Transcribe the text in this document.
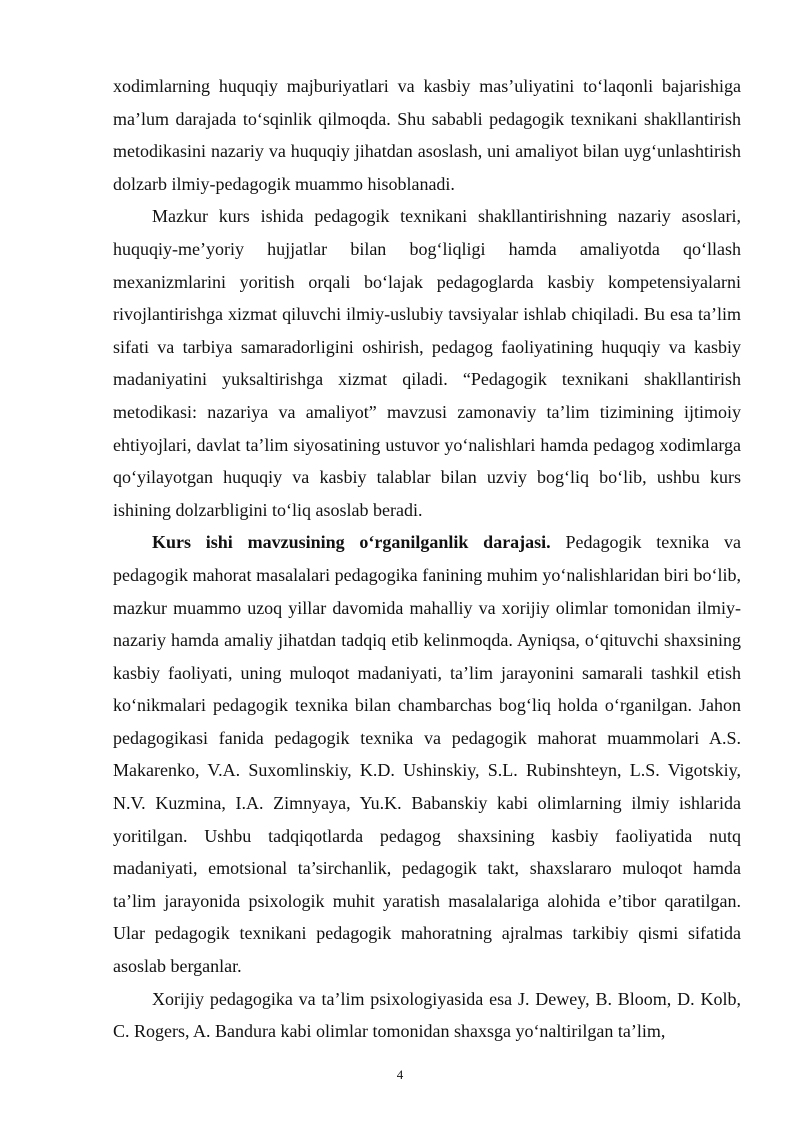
xodimlarning huquqiy majburiyatlari va kasbiy mas’uliyatini to‘laqonli bajarishiga ma’lum darajada to‘sqinlik qilmoqda. Shu sababli pedagogik texnikani shakllantirish metodikasini nazariy va huquqiy jihatdan asoslash, uni amaliyot bilan uyg‘unlashtirish dolzarb ilmiy-pedagogik muammo hisoblanadi.

Mazkur kurs ishida pedagogik texnikani shakllantirishning nazariy asoslari, huquqiy-me’yoriy hujjatlar bilan bog‘liqligi hamda amaliyotda qo‘llash mexanizmlarini yoritish orqali bo‘lajak pedagoglarda kasbiy kompetensiyalarni rivojlantirishga xizmat qiluvchi ilmiy-uslubiy tavsiyalar ishlab chiqiladi. Bu esa ta’lim sifati va tarbiya samaradorligini oshirish, pedagog faoliyatining huquqiy va kasbiy madaniyatini yuksaltirishga xizmat qiladi. “Pedagogik texnikani shakllantirish metodikasi: nazariya va amaliyot” mavzusi zamonaviy ta’lim tizimining ijtimoiy ehtiyojlari, davlat ta’lim siyosatining ustuvor yo‘nalishlari hamda pedagog xodimlarga qo‘yilayotgan huquqiy va kasbiy talablar bilan uzviy bog‘liq bo‘lib, ushbu kurs ishining dolzarbligini to‘liq asoslab beradi.

Kurs ishi mavzusining o‘rganilganlik darajasi. Pedagogik texnika va pedagogik mahorat masalalari pedagogika fanining muhim yo‘nalishlaridan biri bo‘lib, mazkur muammo uzoq yillar davomida mahalliy va xorijiy olimlar tomonidan ilmiy-nazariy hamda amaliy jihatdan tadqiq etib kelinmoqda. Ayniqsa, o‘qituvchi shaxsining kasbiy faoliyati, uning muloqot madaniyati, ta’lim jarayonini samarali tashkil etish ko‘nikmalari pedagogik texnika bilan chambarchas bog‘liq holda o‘rganilgan. Jahon pedagogikasi fanida pedagogik texnika va pedagogik mahorat muammolari A.S. Makarenko, V.A. Suxomlinskiy, K.D. Ushinskiy, S.L. Rubinshteyn, L.S. Vigotskiy, N.V. Kuzmina, I.A. Zimnyaya, Yu.K. Babanskiy kabi olimlarning ilmiy ishlarida yoritilgan. Ushbu tadqiqotlarda pedagog shaxsining kasbiy faoliyatida nutq madaniyati, emotsional ta’sirchanlik, pedagogik takt, shaxslararo muloqot hamda ta’lim jarayonida psixologik muhit yaratish masalalariga alohida e’tibor qaratilgan. Ular pedagogik texnikani pedagogik mahoratning ajralmas tarkibiy qismi sifatida asoslab berganlar.

Xorijiy pedagogika va ta’lim psixologiyasida esa J. Dewey, B. Bloom, D. Kolb, C. Rogers, A. Bandura kabi olimlar tomonidan shaxsga yo‘naltirilgan ta’lim,

4
